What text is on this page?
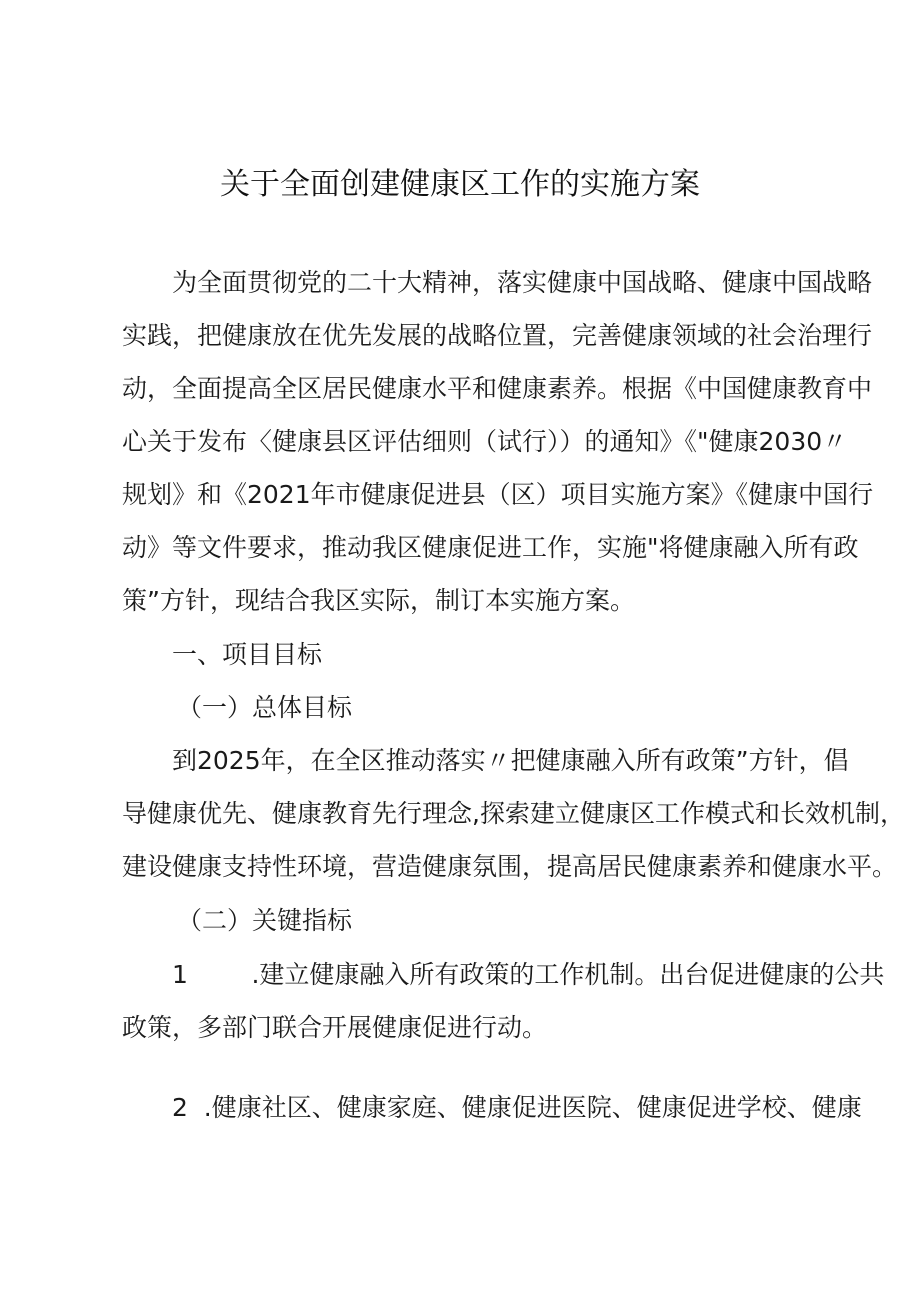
关于全面创建健康区工作的实施方案
为全面贯彻党的二十大精神，落实健康中国战略、健康中国战略
实践，把健康放在优先发展的战略位置，完善健康领域的社会治理行
动，全面提高全区居民健康水平和健康素养。根据《中国健康教育中
心关于发布〈健康县区评估细则（试行））的通知》《"健康2030〃
规划》和《2021年市健康促进县（区）项目实施方案》《健康中国行
动》等文件要求，推动我区健康促进工作，实施"将健康融入所有政
策”方针，现结合我区实际，制订本实施方案。
一、项目目标
（一）总体目标
到2025年，在全区推动落实〃把健康融入所有政策”方针，倡
导健康优先、健康教育先行理念,探索建立健康区工作模式和长效机制，
建设健康支持性环境，营造健康氛围，提高居民健康素养和健康水平。
（二）关键指标
1        .建立健康融入所有政策的工作机制。出台促进健康的公共
政策，多部门联合开展健康促进行动。
2  .健康社区、健康家庭、健康促进医院、健康促进学校、健康
